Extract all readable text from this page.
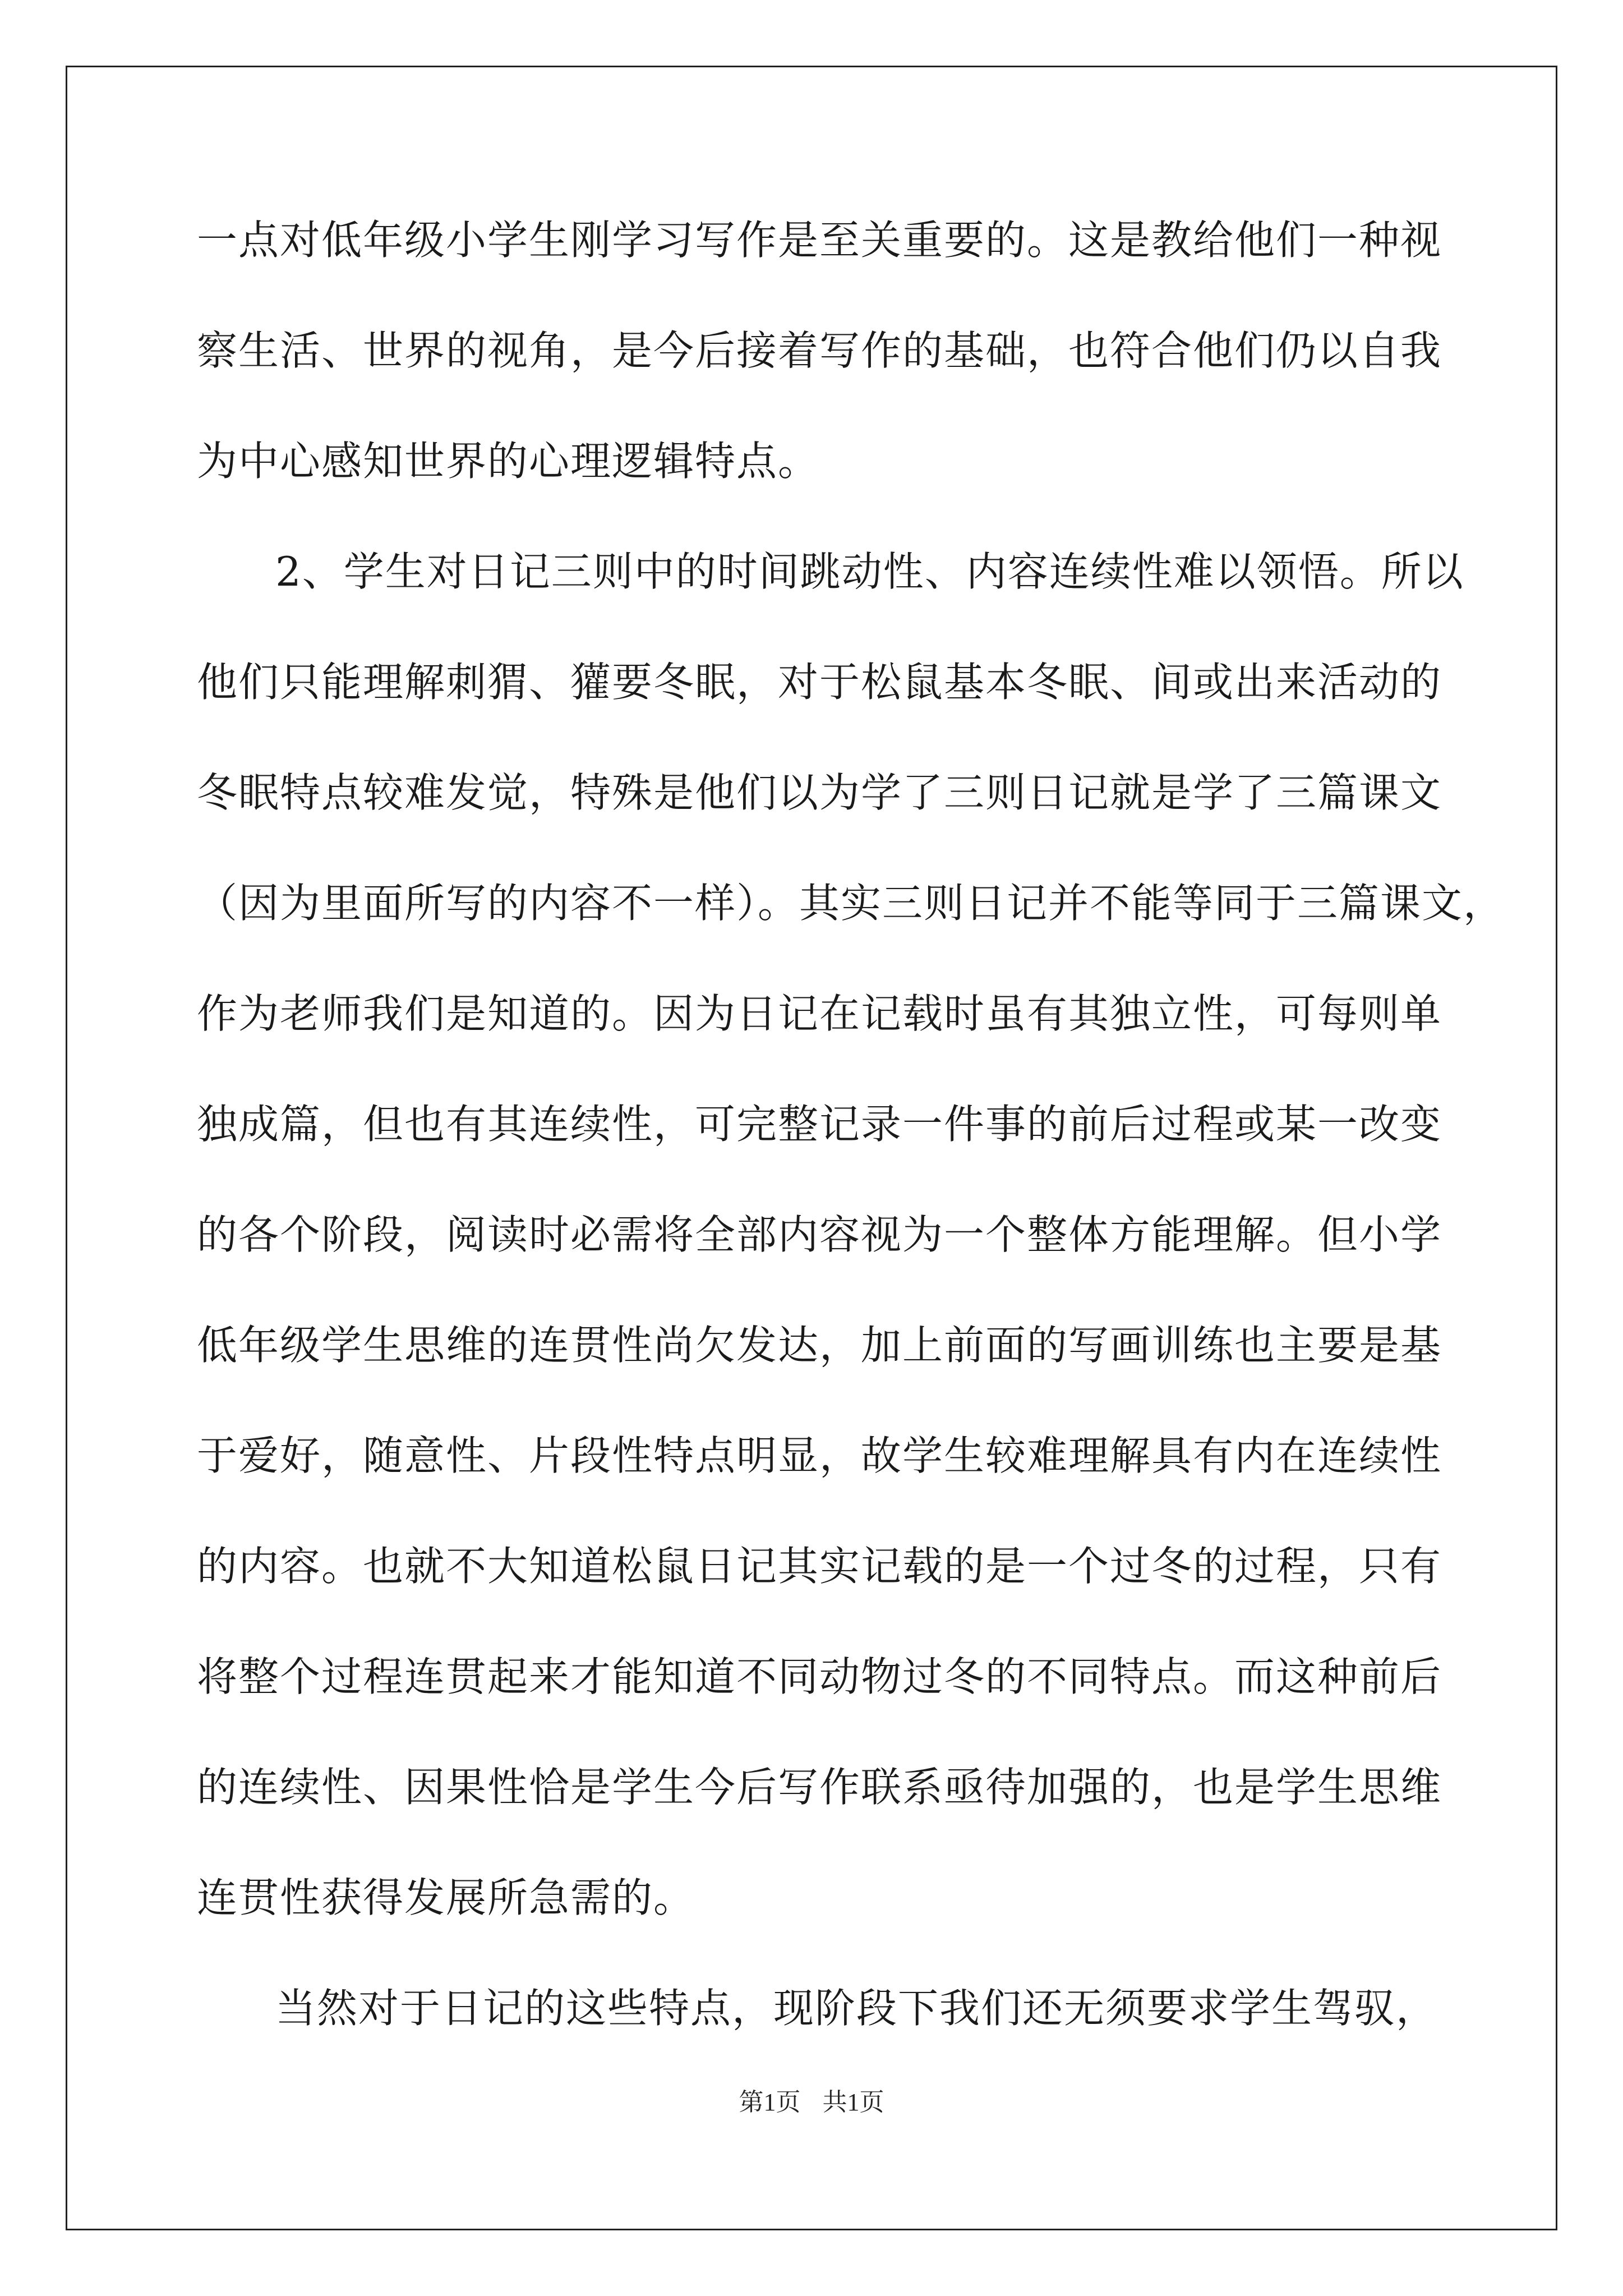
一点对低年级小学生刚学习写作是至关重要的。这是教给他们一种视
察生活、世界的视角，是今后接着写作的基础，也符合他们仍以自我
为中心感知世界的心理逻辑特点。
2、学生对日记三则中的时间跳动性、内容连续性难以领悟。所以
他们只能理解刺猬、獾要冬眠，对于松鼠基本冬眠、间或出来活动的
冬眠特点较难发觉，特殊是他们以为学了三则日记就是学了三篇课文
（因为里面所写的内容不一样）。其实三则日记并不能等同于三篇课文，
作为老师我们是知道的。因为日记在记载时虽有其独立性，可每则单
独成篇，但也有其连续性，可完整记录一件事的前后过程或某一改变
的各个阶段，阅读时必需将全部内容视为一个整体方能理解。但小学
低年级学生思维的连贯性尚欠发达，加上前面的写画训练也主要是基
于爱好，随意性、片段性特点明显，故学生较难理解具有内在连续性
的内容。也就不大知道松鼠日记其实记载的是一个过冬的过程，只有
将整个过程连贯起来才能知道不同动物过冬的不同特点。而这种前后
的连续性、因果性恰是学生今后写作联系亟待加强的，也是学生思维
连贯性获得发展所急需的。
当然对于日记的这些特点，现阶段下我们还无须要求学生驾驭，
第1页 共1页
